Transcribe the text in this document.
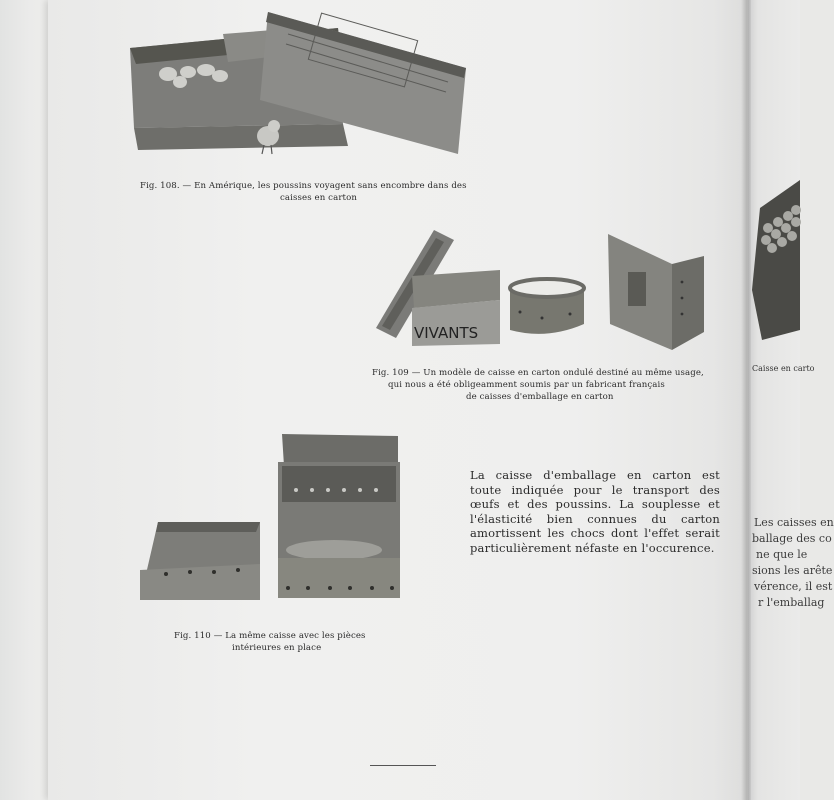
Fig. 108. — En Amérique, les poussins voyagent sans encombre dans des
caisses en carton
VIVANTS
Fig. 109 — Un modèle de caisse en carton ondulé destiné au même usage,
qui nous a été obligeamment soumis par un fabricant français
de caisses d'emballage en carton
Fig. 110 — La même caisse avec les pièces
intérieures en place
La caisse d'emballage en carton est toute indiquée pour le transport des œufs et des poussins. La souplesse et l'élasticité bien connues du carton amortissent les chocs dont l'effet serait particulièrement néfaste en l'occurence.
Caisse en carto
Les caisses en
ballage des co
ne que le
sions les arête
vérence, il est
r l'emballag
